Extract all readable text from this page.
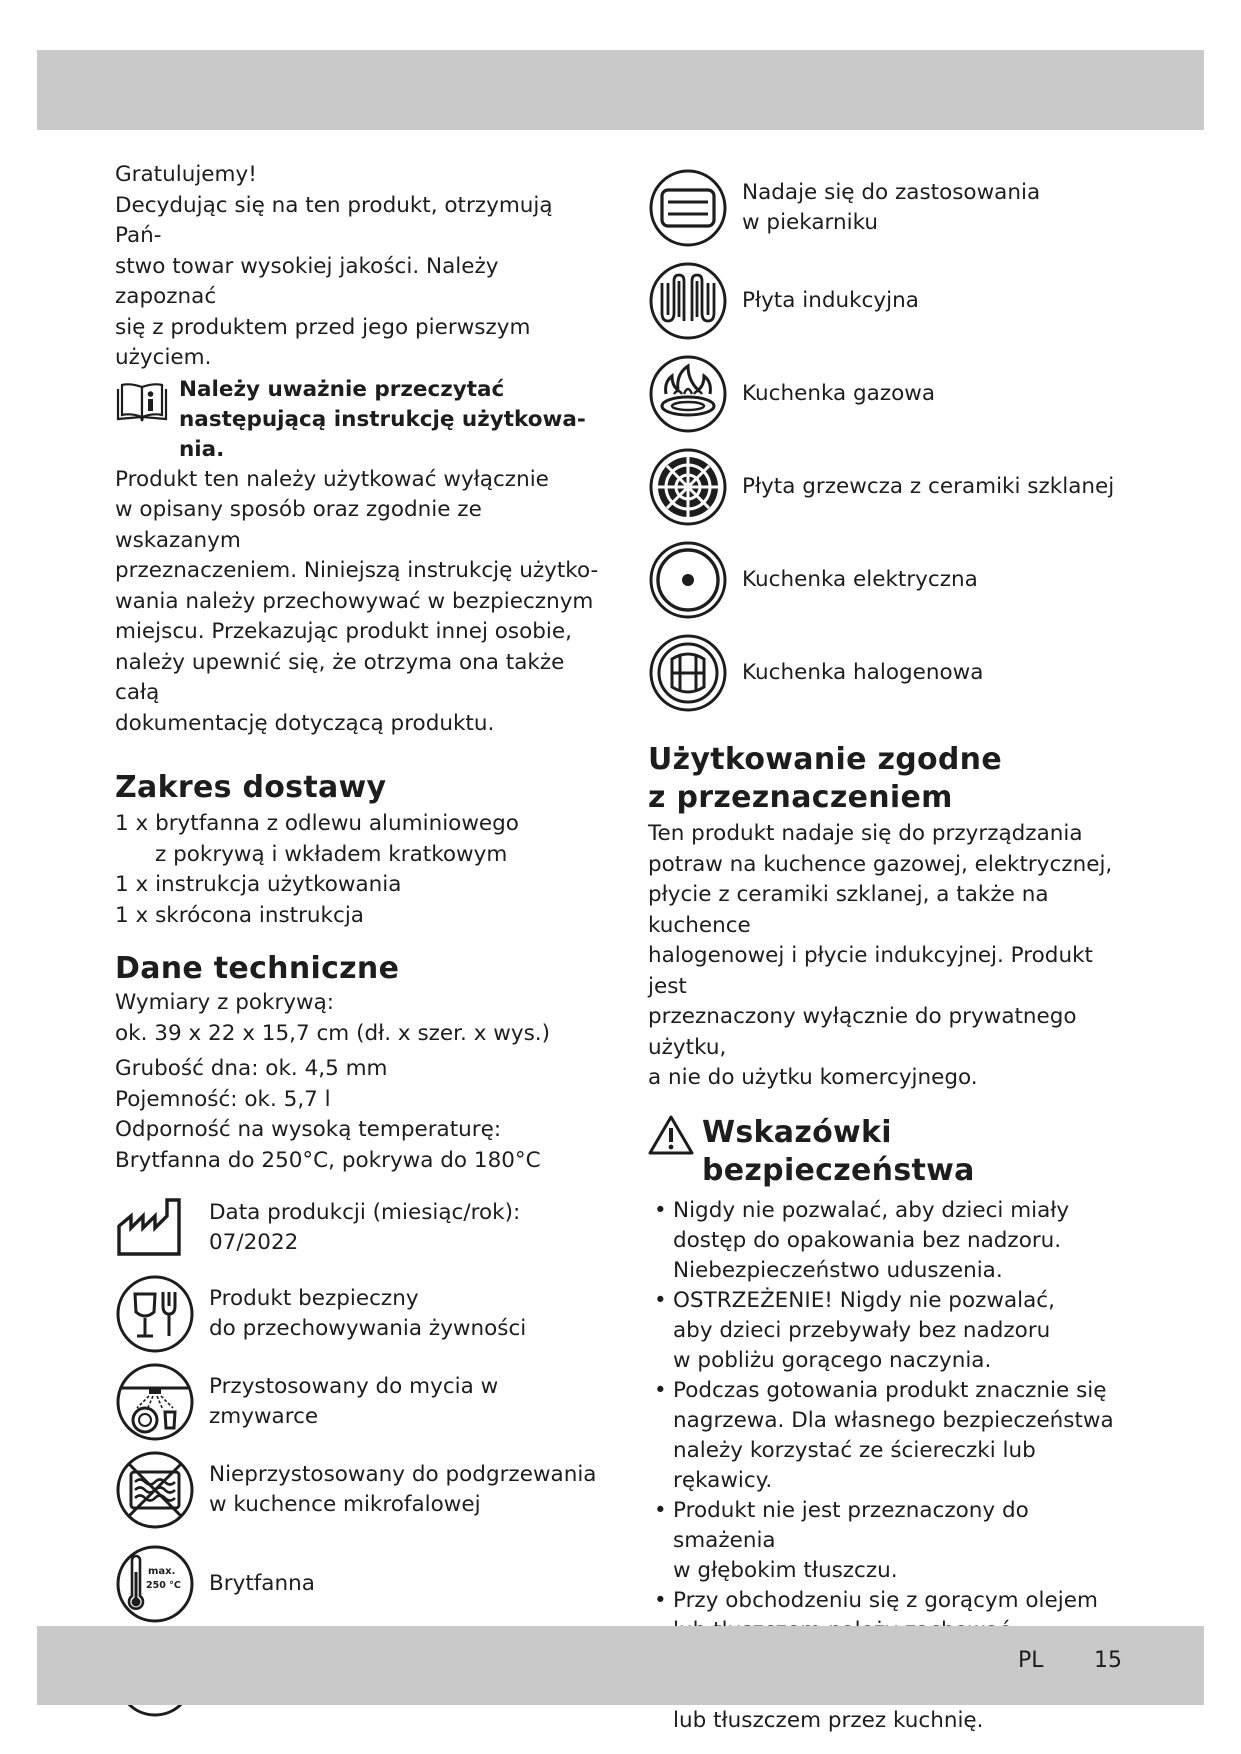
Gratulujemy!

Decydując się na ten produkt, otrzymują Pań-

stwo towar wysokiej jakości. Należy zapoznać

się z produktem przed jego pierwszym użyciem.

Należy uważnie przeczytać

następującą instrukcję użytkowa-

nia.

Produkt ten należy użytkować wyłącznie

w opisany sposób oraz zgodnie ze wskazanym

przeznaczeniem. Niniejszą instrukcję użytko-

wania należy przechowywać w bezpiecznym

miejscu. Przekazując produkt innej osobie,

należy upewnić się, że otrzyma ona także całą

dokumentację dotyczącą produktu.

Zakres dostawy

1 x brytfanna z odlewu aluminiowego

z pokrywą i wkładem kratkowym

1 x instrukcja użytkowania

1 x skrócona instrukcja

Dane techniczne

Wymiary z pokrywą:

ok. 39 x 22 x 15,7 cm (dł. x szer. x wys.)

Grubość dna: ok. 4,5 mm

Pojemność: ok. 5,7 l

Odporność na wysoką temperaturę:

Brytfanna do 250°C, pokrywa do 180°C

Data produkcji (miesiąc/rok):

07/2022

Produkt bezpieczny

do przechowywania żywności

Przystosowany do mycia w zmywarce

Nieprzystosowany do podgrzewania

w kuchence mikrofalowej

max.
250 °C Brytfanna

Nadaje się do zastosowania

w piekarniku

Płyta indukcyjna

Kuchenka gazowa

Płyta grzewcza z ceramiki szklanej

Kuchenka elektryczna

Kuchenka halogenowa

Użytkowanie zgodne
z przeznaczeniem

Ten produkt nadaje się do przyrządzania

potraw na kuchence gazowej, elektrycznej,

płycie z ceramiki szklanej, a także na kuchence

halogenowej i płycie indukcyjnej. Produkt jest

przeznaczony wyłącznie do prywatnego użytku,

a nie do użytku komercyjnego.

Wskazówki
bezpieczeństwa
• Nigdy nie pozwalać, aby dzieci miały
dostęp do opakowania bez nadzoru.
Niebezpieczeństwo uduszenia.
• OSTRZEŻENIE! Nigdy nie pozwalać,
aby dzieci przebywały bez nadzoru
w pobliżu gorącego naczynia.
• Podczas gotowania produkt znacznie się
nagrzewa. Dla własnego bezpieczeństwa
należy korzystać ze ściereczki lub rękawicy.
• Produkt nie jest przeznaczony do smażenia
w głębokim tłuszczu.
• Przy obchodzeniu się z gorącym olejem

lub tłuszczem przez kuchnię.
PL 15
